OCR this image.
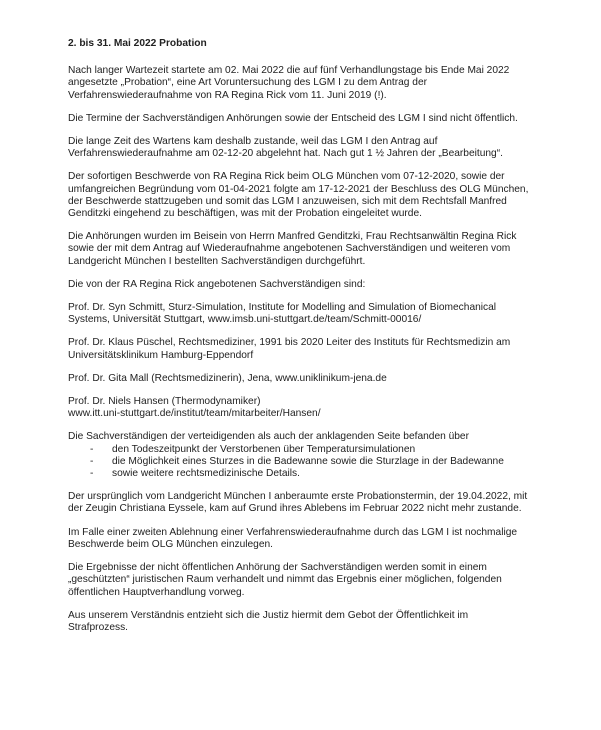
2. bis 31. Mai 2022 Probation
Nach langer Wartezeit startete am 02. Mai 2022 die auf fünf Verhandlungstage bis Ende Mai 2022
angesetzte „Probation“, eine Art Voruntersuchung des LGM I zu dem Antrag der
Verfahrenswiederaufnahme von RA Regina Rick vom 11. Juni 2019 (!).
Die Termine der Sachverständigen Anhörungen sowie der Entscheid des LGM I sind nicht öffentlich.
Die lange Zeit des Wartens kam deshalb zustande, weil das LGM I den Antrag auf
Verfahrenswiederaufnahme am 02-12-20 abgelehnt hat. Nach gut 1 ½ Jahren der „Bearbeitung“.
Der sofortigen Beschwerde von RA Regina Rick beim OLG München vom 07-12-2020, sowie der
umfangreichen Begründung vom 01-04-2021 folgte am 17-12-2021 der Beschluss des OLG München,
der Beschwerde stattzugeben und somit das LGM I anzuweisen, sich mit dem Rechtsfall Manfred
Genditzki eingehend zu beschäftigen, was mit der Probation eingeleitet wurde.
Die Anhörungen wurden im Beisein von Herrn Manfred Genditzki, Frau Rechtsanwältin Regina Rick
sowie der mit dem Antrag auf Wiederaufnahme angebotenen Sachverständigen und weiteren vom
Landgericht München I bestellten Sachverständigen durchgeführt.
Die von der RA Regina Rick angebotenen Sachverständigen sind:
Prof. Dr. Syn Schmitt, Sturz-Simulation, Institute for Modelling and Simulation of Biomechanical
Systems, Universität Stuttgart, www.imsb.uni-stuttgart.de/team/Schmitt-00016/
Prof. Dr. Klaus Püschel, Rechtsmediziner, 1991 bis 2020 Leiter des Instituts für Rechtsmedizin am
Universitätsklinikum Hamburg-Eppendorf
Prof. Dr. Gita Mall (Rechtsmedizinerin), Jena, www.uniklinikum-jena.de
Prof. Dr. Niels Hansen (Thermodynamiker)
www.itt.uni-stuttgart.de/institut/team/mitarbeiter/Hansen/
Die Sachverständigen der verteidigenden als auch der anklagenden Seite befanden über
- den Todeszeitpunkt der Verstorbenen über Temperatursimulationen
- die Möglichkeit eines Sturzes in die Badewanne sowie die Sturzlage in der Badewanne
- sowie weitere rechtsmedizinische Details.
Der ursprünglich vom Landgericht München I anberaumte erste Probationstermin, der 19.04.2022, mit
der Zeugin Christiana Eyssele, kam auf Grund ihres Ablebens im Februar 2022 nicht mehr zustande.
Im Falle einer zweiten Ablehnung einer Verfahrenswiederaufnahme durch das LGM I ist nochmalige
Beschwerde beim OLG München einzulegen.
Die Ergebnisse der nicht öffentlichen Anhörung der Sachverständigen werden somit in einem
„geschützten“ juristischen Raum verhandelt und nimmt das Ergebnis einer möglichen, folgenden
öffentlichen Hauptverhandlung vorweg.
Aus unserem Verständnis entzieht sich die Justiz hiermit dem Gebot der Öffentlichkeit im
Strafprozess.
